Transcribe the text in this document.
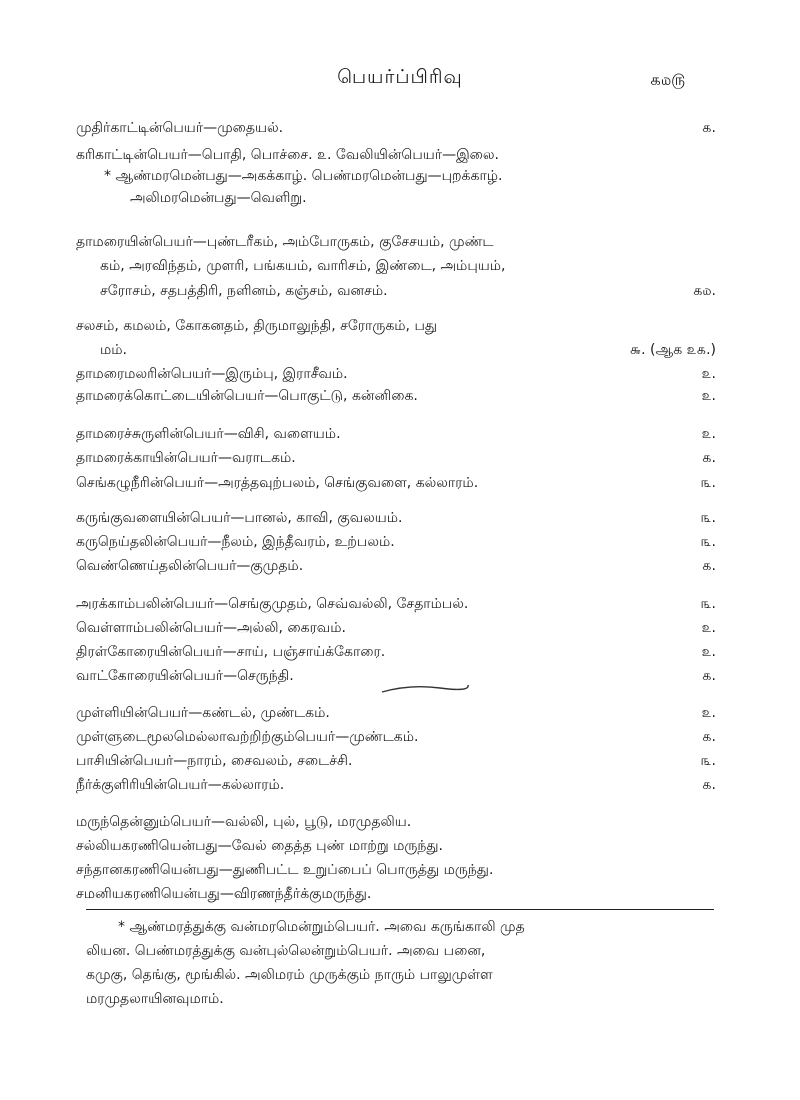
பெயர்ப்பிரிவு	௧௰௫
முதிர்காட்டின்பெயர்—முதையல்.	௧.
கரிகாட்டின்பெயர்—பொதி, பொச்சை. ௨. வேலியின்பெயர்—இலை.
* ஆண்மரமென்பது—அகக்காழ். பெண்மரமென்பது—புறக்காழ்.
அலிமரமென்பது—வெளிறு.
தாமரையின்பெயர்—புண்டரீகம், அம்போருகம், குசேசயம், முண்ட
கம், அரவிந்தம், முளரி, பங்கயம், வாரிசம், இண்டை, அம்புயம்,
சரோசம், சதபத்திரி, நளினம், கஞ்சம், வனசம்.	௧௰.
சலசம், கமலம், கோகனதம், திருமாலுந்தி, சரோருகம், பது
மம்.	௬. (ஆக ௨௧.)
தாமரைமலரின்பெயர்—இரும்பு, இராசீவம்.	௨.
தாமரைக்கொட்டையின்பெயர்—பொகுட்டு, கன்னிகை.	௨.
தாமரைச்சுருளின்பெயர்—விசி, வளையம்.	௨.
தாமரைக்காயின்பெயர்—வராடகம்.	௧.
செங்கழுநீரின்பெயர்—அரத்தவுற்பலம், செங்குவளை, கல்லாரம்.	௩.
கருங்குவளையின்பெயர்—பானல், காவி, குவலயம்.	௩.
கருநெய்தலின்பெயர்—நீலம், இந்தீவரம், உற்பலம்.	௩.
வெண்ணெய்தலின்பெயர்—குமுதம்.	௧.
அரக்காம்பலின்பெயர்—செங்குமுதம், செவ்வல்லி, சேதாம்பல்.	௩.
வெள்ளாம்பலின்பெயர்—அல்லி, கைரவம்.	௨.
திரள்கோரையின்பெயர்—சாய், பஞ்சாய்க்கோரை.	௨.
வாட்கோரையின்பெயர்—செருந்தி.	௧.
முள்ளியின்பெயர்—கண்டல், முண்டகம்.	௨.
முள்ளுடைமூலமெல்லாவற்றிற்கும்பெயர்—முண்டகம்.	௧.
பாசியின்பெயர்—நாரம், சைவலம், சடைச்சி.	௩.
நீர்க்குளிரியின்பெயர்—கல்லாரம்.	௧.
மருந்தென்னும்பெயர்—வல்லி, புல், பூடு, மரமுதலிய.
சல்லியகரணியென்பது—வேல் தைத்த புண் மாற்று மருந்து.
சந்தானகரணியென்பது—துணிபட்ட உறுப்பைப் பொருத்து மருந்து.
சமனியகரணியென்பது—விரணந்தீர்க்குமருந்து.
* ஆண்மரத்துக்கு வன்மரமென்றும்பெயர். அவை கருங்காலி முத
லியன. பெண்மரத்துக்கு வன்புல்லென்றும்பெயர். அவை பனை,
கமுகு, தெங்கு, மூங்கில். அலிமரம் முருக்கும் நாரும் பாலுமுள்ள
மரமுதலாயினவுமாம்.
